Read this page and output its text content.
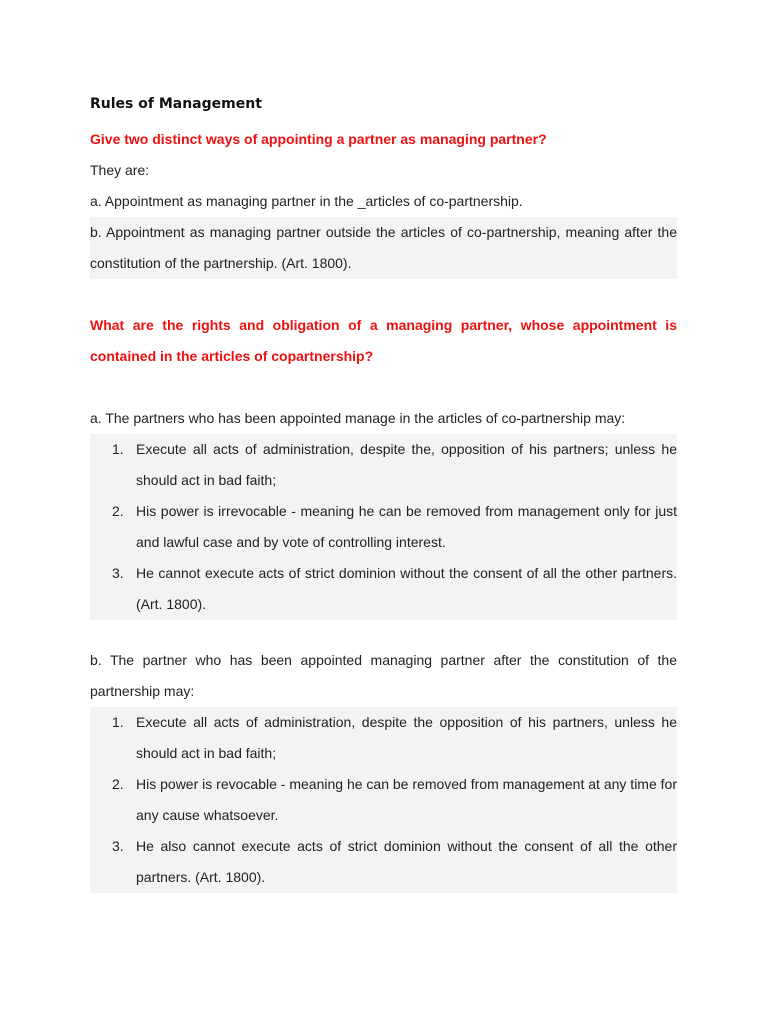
Rules of Management

Give two distinct ways of appointing a partner as managing partner?

They are:

a. Appointment as managing partner in the _articles of co-partnership.

b. Appointment as managing partner outside the articles of co-partnership, meaning after the constitution of the partnership. (Art. 1800).

What are the rights and obligation of a managing partner, whose appointment is contained in the articles of copartnership?

a. The partners who has been appointed manage in the articles of co-partnership may:

1. Execute all acts of administration, despite the, opposition of his partners; unless he should act in bad faith;
2. His power is irrevocable - meaning he can be removed from management only for just and lawful case and by vote of controlling interest.
3. He cannot execute acts of strict dominion without the consent of all the other partners. (Art. 1800).

b. The partner who has been appointed managing partner after the constitution of the partnership may:

1. Execute all acts of administration, despite the opposition of his partners, unless he should act in bad faith;
2. His power is revocable - meaning he can be removed from management at any time for any cause whatsoever.
3. He also cannot execute acts of strict dominion without the consent of all the other partners. (Art. 1800).
